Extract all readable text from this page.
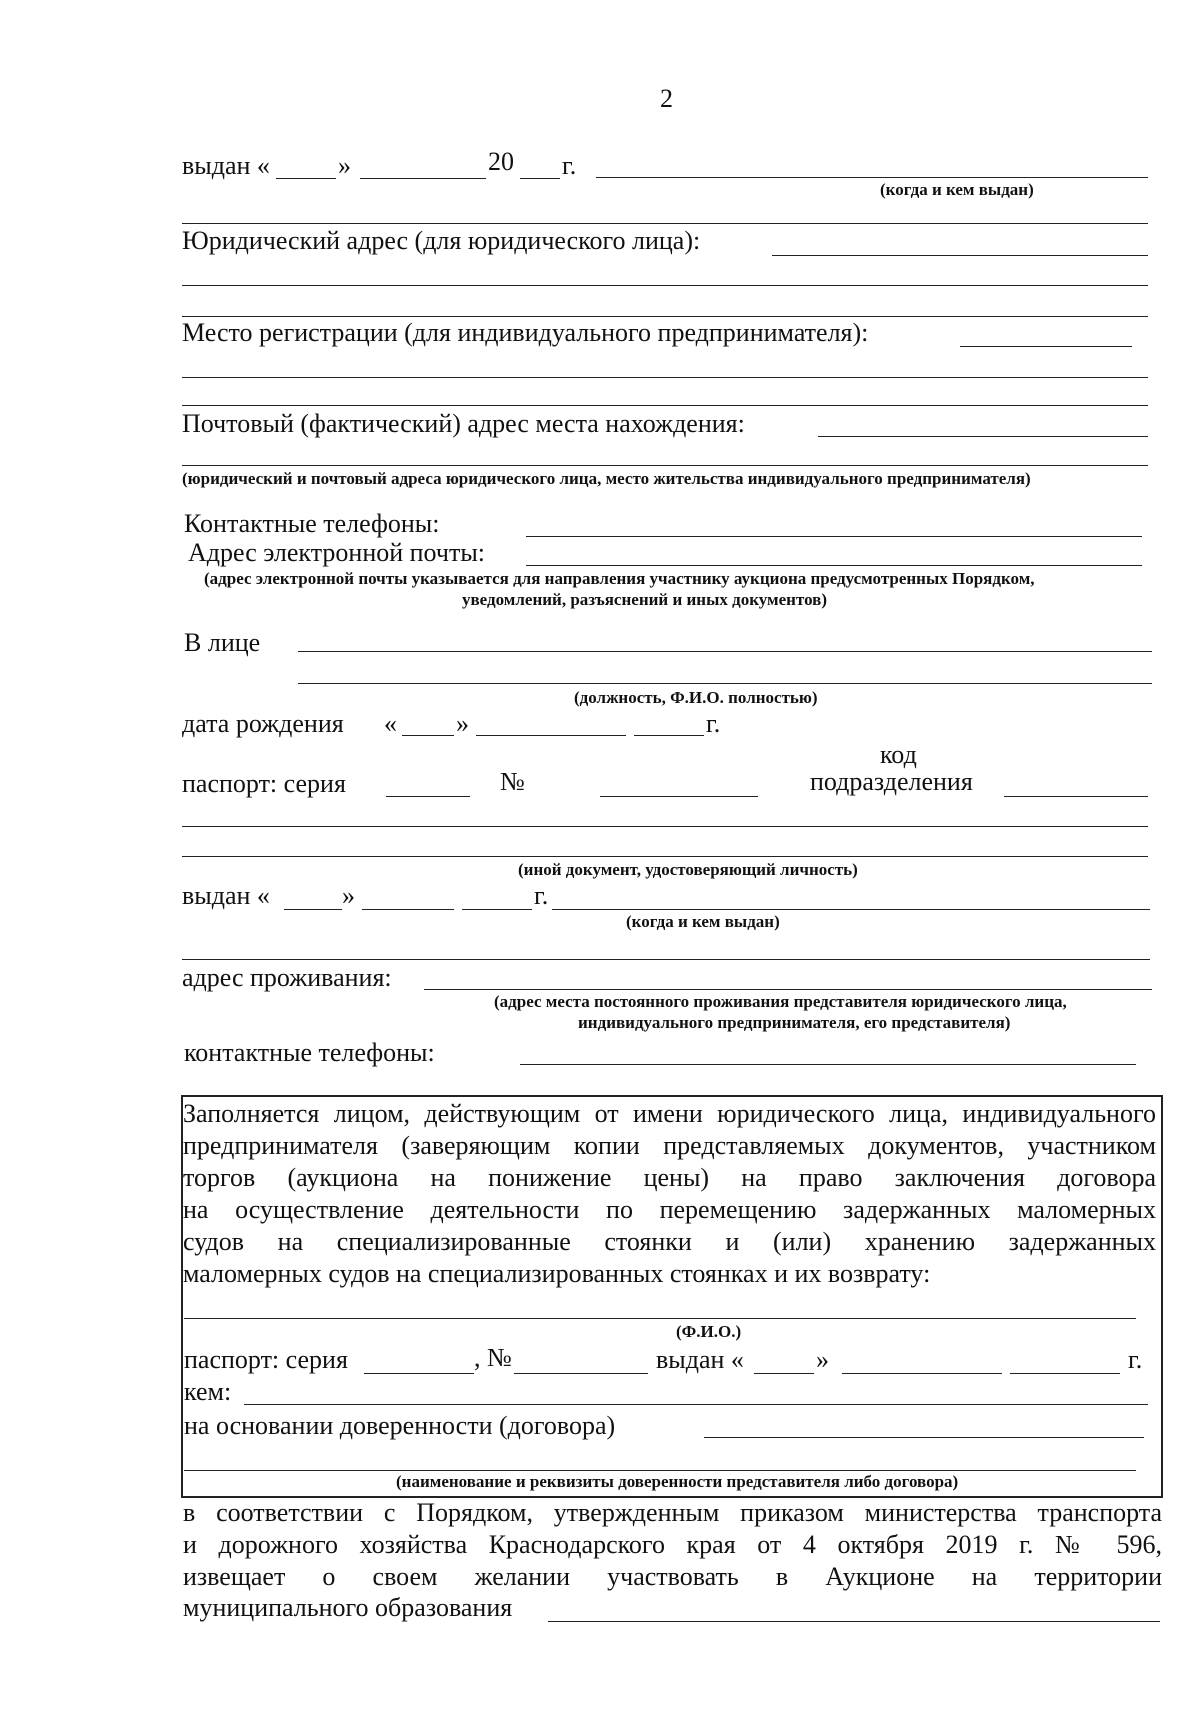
2
выдан «	»	20 г.
(когда и кем выдан)
Юридический адрес (для юридического лица):
Место регистрации (для индивидуального предпринимателя):
Почтовый (фактический) адрес места нахождения:
(юридический и почтовый адреса юридического лица, место жительства индивидуального предпринимателя)
Контактные телефоны:
Адрес электронной почты:
(адрес электронной почты указывается для направления участнику аукциона предусмотренных Порядком,
уведомлений, разъяснений и иных документов)
В лице
(должность, Ф.И.О. полностью)
дата рождения « »	г.
код
паспорт: серия	№	подразделения
(иной документ, удостоверяющий личность)
выдан «	»	г.
(когда и кем выдан)
адрес проживания:
(адрес места постоянного проживания представителя юридического лица,
индивидуального предпринимателя, его представителя)
контактные телефоны:
Заполняется лицом, действующим от имени юридического лица, индивидуального
предпринимателя (заверяющим копии представляемых документов, участником
торгов (аукциона на понижение цены) на право заключения договора
на осуществление деятельности по перемещению задержанных маломерных
судов на специализированные стоянки и (или) хранению задержанных
маломерных судов на специализированных стоянках и их возврату:
(Ф.И.О.)
паспорт: серия	, №	выдан «	»	г.
кем:
на основании доверенности (договора)
(наименование и реквизиты доверенности представителя либо договора)
в соответствии с Порядком, утвержденным приказом министерства транспорта
и дорожного хозяйства Краснодарского края от 4 октября 2019 г. № 596,
извещает о своем желании участвовать в Аукционе на территории
муниципального образования
